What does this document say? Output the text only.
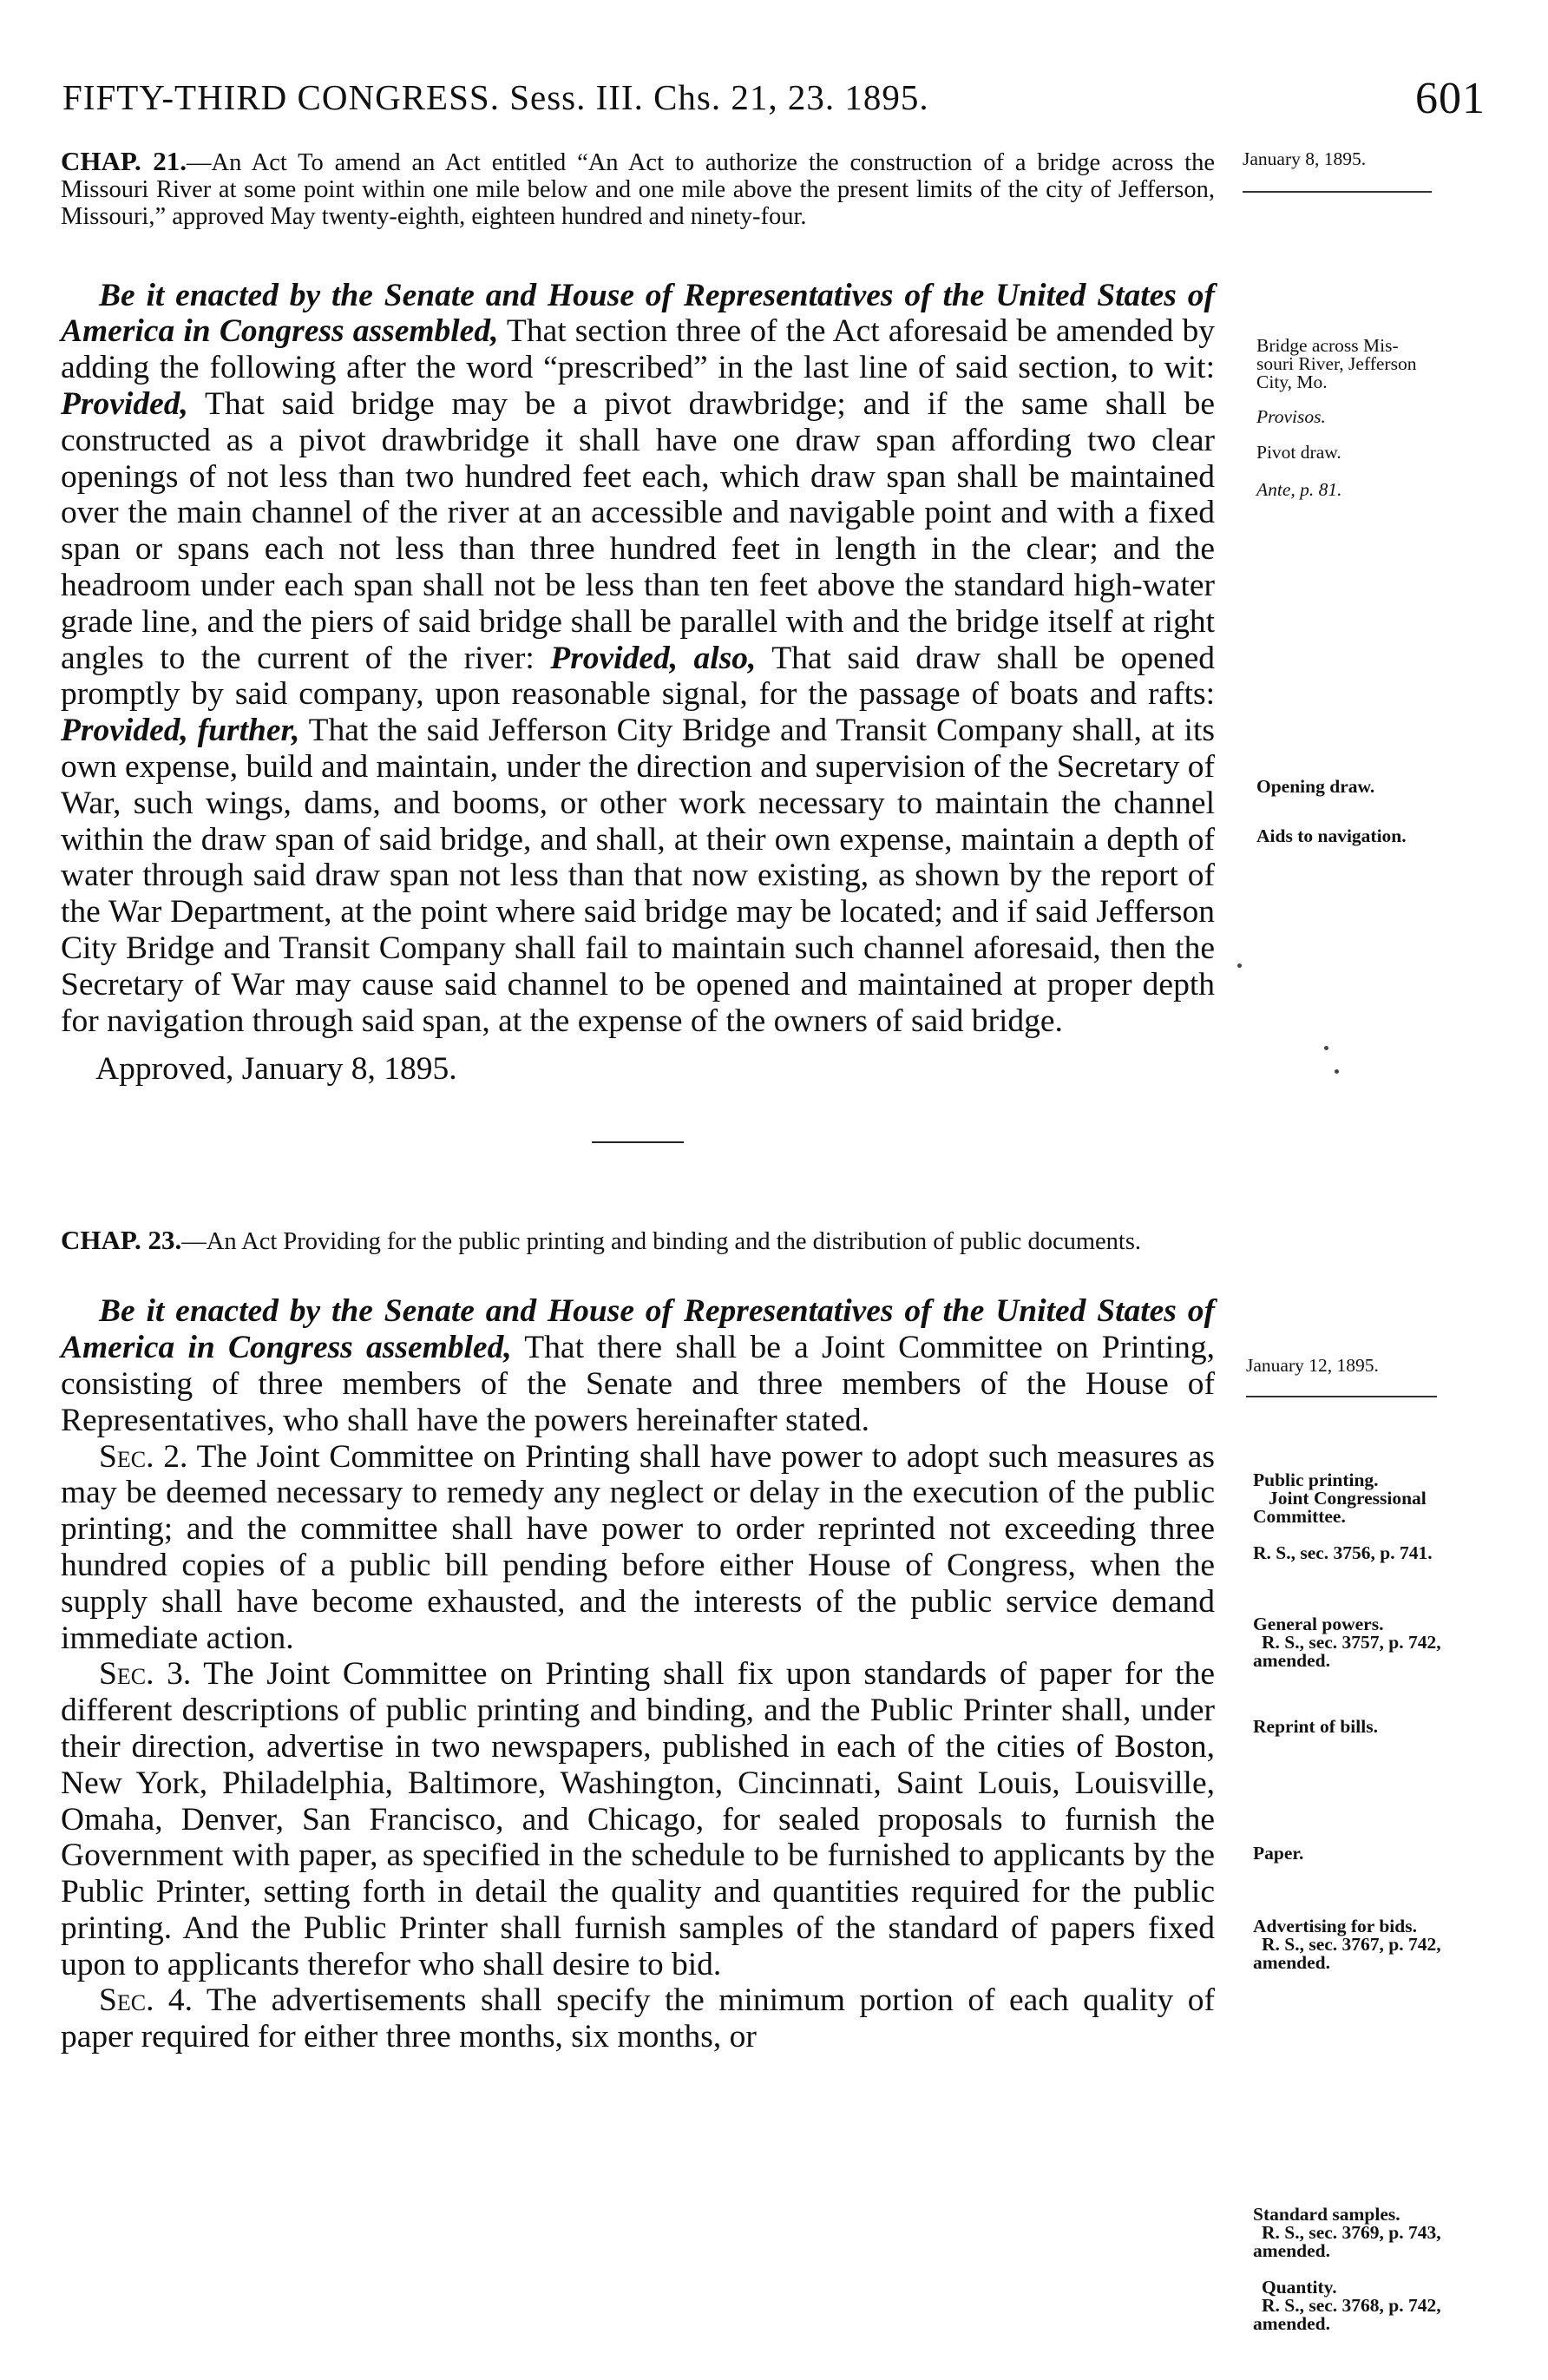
FIFTY-THIRD CONGRESS. Sess. III. Chs. 21, 23. 1895.	601

CHAP. 21.—An Act To amend an Act entitled “An Act to authorize the construction of a bridge across the Missouri River at some point within one mile below and one mile above the present limits of the city of Jefferson, Missouri,” approved May twenty-eighth, eighteen hundred and ninety-four.

Be it enacted by the Senate and House of Representatives of the United States of America in Congress assembled, That section three of the Act aforesaid be amended by adding the following after the word “prescribed” in the last line of said section, to wit: Provided, That said bridge may be a pivot drawbridge; and if the same shall be constructed as a pivot drawbridge it shall have one draw span affording two clear openings of not less than two hundred feet each, which draw span shall be maintained over the main channel of the river at an accessible and navigable point and with a fixed span or spans each not less than three hundred feet in length in the clear; and the headroom under each span shall not be less than ten feet above the standard high-water grade line, and the piers of said bridge shall be parallel with and the bridge itself at right angles to the current of the river: Provided, also, That said draw shall be opened promptly by said company, upon reasonable signal, for the passage of boats and rafts: Provided, further, That the said Jefferson City Bridge and Transit Company shall, at its own expense, build and maintain, under the direction and supervision of the Secretary of War, such wings, dams, and booms, or other work necessary to maintain the channel within the draw span of said bridge, and shall, at their own expense, maintain a depth of water through said draw span not less than that now existing, as shown by the report of the War Department, at the point where said bridge may be located; and if said Jefferson City Bridge and Transit Company shall fail to maintain such channel aforesaid, then the Secretary of War may cause said channel to be opened and maintained at proper depth for navigation through said span, at the expense of the owners of said bridge.

Approved, January 8, 1895.

CHAP. 23.—An Act Providing for the public printing and binding and the distribution of public documents.

Be it enacted by the Senate and House of Representatives of the United States of America in Congress assembled, That there shall be a Joint Committee on Printing, consisting of three members of the Senate and three members of the House of Representatives, who shall have the powers hereinafter stated.

Sec. 2. The Joint Committee on Printing shall have power to adopt such measures as may be deemed necessary to remedy any neglect or delay in the execution of the public printing; and the committee shall have power to order reprinted not exceeding three hundred copies of a public bill pending before either House of Congress, when the supply shall have become exhausted, and the interests of the public service demand immediate action.

Sec. 3. The Joint Committee on Printing shall fix upon standards of paper for the different descriptions of public printing and binding, and the Public Printer shall, under their direction, advertise in two newspapers, published in each of the cities of Boston, New York, Philadelphia, Baltimore, Washington, Cincinnati, Saint Louis, Louisville, Omaha, Denver, San Francisco, and Chicago, for sealed proposals to furnish the Government with paper, as specified in the schedule to be furnished to applicants by the Public Printer, setting forth in detail the quality and quantities required for the public printing. And the Public Printer shall furnish samples of the standard of papers fixed upon to applicants therefor who shall desire to bid.

Sec. 4. The advertisements shall specify the minimum portion of each quality of paper required for either three months, six months, or

January 8, 1895.
Bridge across Mis-
souri River, Jefferson
City, Mo.
Provisos.
Pivot draw.
Ante, p. 81.
Opening draw.
Aids to navigation.
January 12, 1895.
Public printing.
Joint Congressional
Committee.
R. S., sec. 3756, p. 741.
General powers.
R. S., sec. 3757, p. 742,
amended.
Reprint of bills.
Paper.
Advertising for bids.
R. S., sec. 3767, p. 742,
amended.
Standard samples.
R. S., sec. 3769, p. 743,
amended.
Quantity.
R. S., sec. 3768, p. 742,
amended.
